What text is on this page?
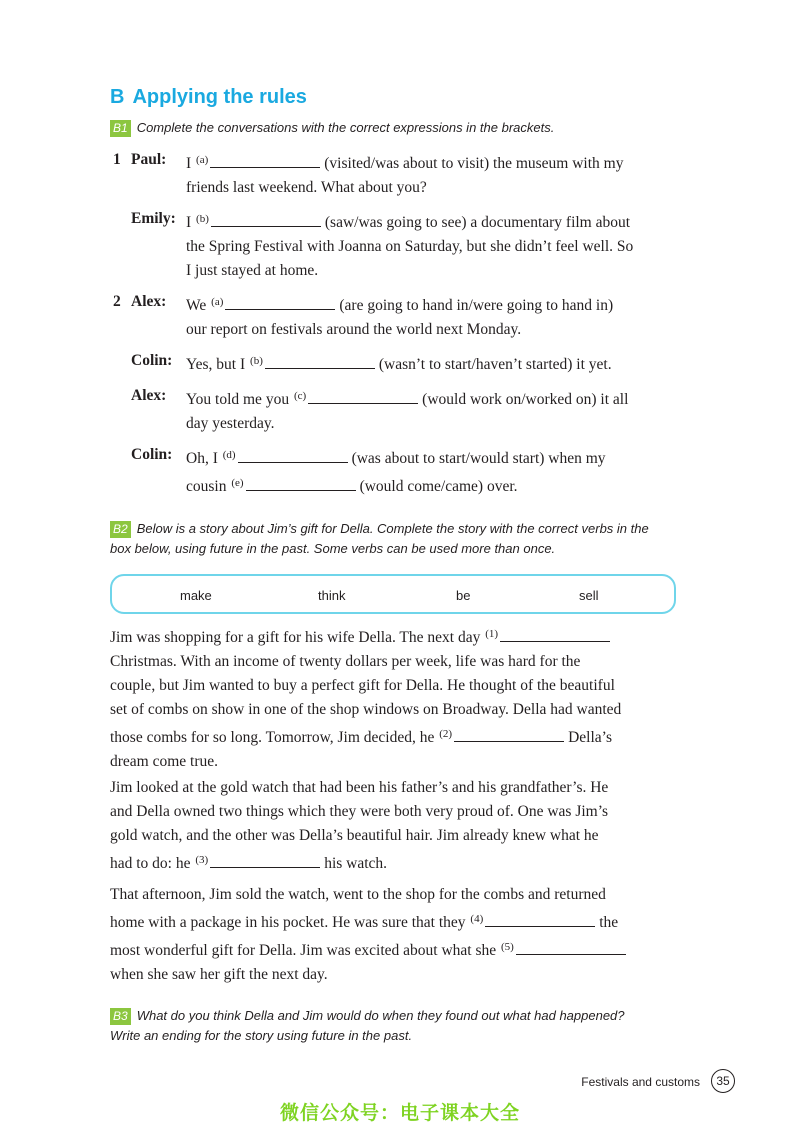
B Applying the rules
B1 Complete the conversations with the correct expressions in the brackets.
1 Paul: I $^{(a)}$	(visited/was about to visit) the museum with my
friends last weekend. What about you?
Emily: I $^{(b)}$	(saw/was going to see) a documentary film about
the Spring Festival with Joanna on Saturday, but she didn’t feel well. So
I just stayed at home.
2 Alex: We $^{(a)}$	(are going to hand in/were going to hand in)
our report on festivals around the world next Monday.
Colin: Yes, but I $^{(b)}$	(wasn’t to start/haven’t started) it yet.
Alex: You told me you $^{(c)}$	(would work on/worked on) it all
day yesterday.
Colin: Oh, I $^{(d)}$	(was about to start/would start) when my
cousin $^{(e)}$	(would come/came) over.
B2 Below is a story about Jim’s gift for Della. Complete the story with the correct verbs in the
box below, using future in the past. Some verbs can be used more than once.
make	think	be	sell
Jim was shopping for a gift for his wife Della. The next day $^{(1)}$
Christmas. With an income of twenty dollars per week, life was hard for the
couple, but Jim wanted to buy a perfect gift for Della. He thought of the beautiful
set of combs on show in one of the shop windows on Broadway. Della had wanted
those combs for so long. Tomorrow, Jim decided, he $^{(2)}$	Della’s
dream come true.
Jim looked at the gold watch that had been his father’s and his grandfather’s. He
and Della owned two things which they were both very proud of. One was Jim’s
gold watch, and the other was Della’s beautiful hair. Jim already knew what he
had to do: he $^{(3)}$	his watch.
That afternoon, Jim sold the watch, went to the shop for the combs and returned
home with a package in his pocket. He was sure that they $^{(4)}$	the
most wonderful gift for Della. Jim was excited about what she $^{(5)}$
when she saw her gift the next day.
B3 What do you think Della and Jim would do when they found out what had happened?
Write an ending for the story using future in the past.
Festivals and customs	35
微信公众号：电子课本大全
